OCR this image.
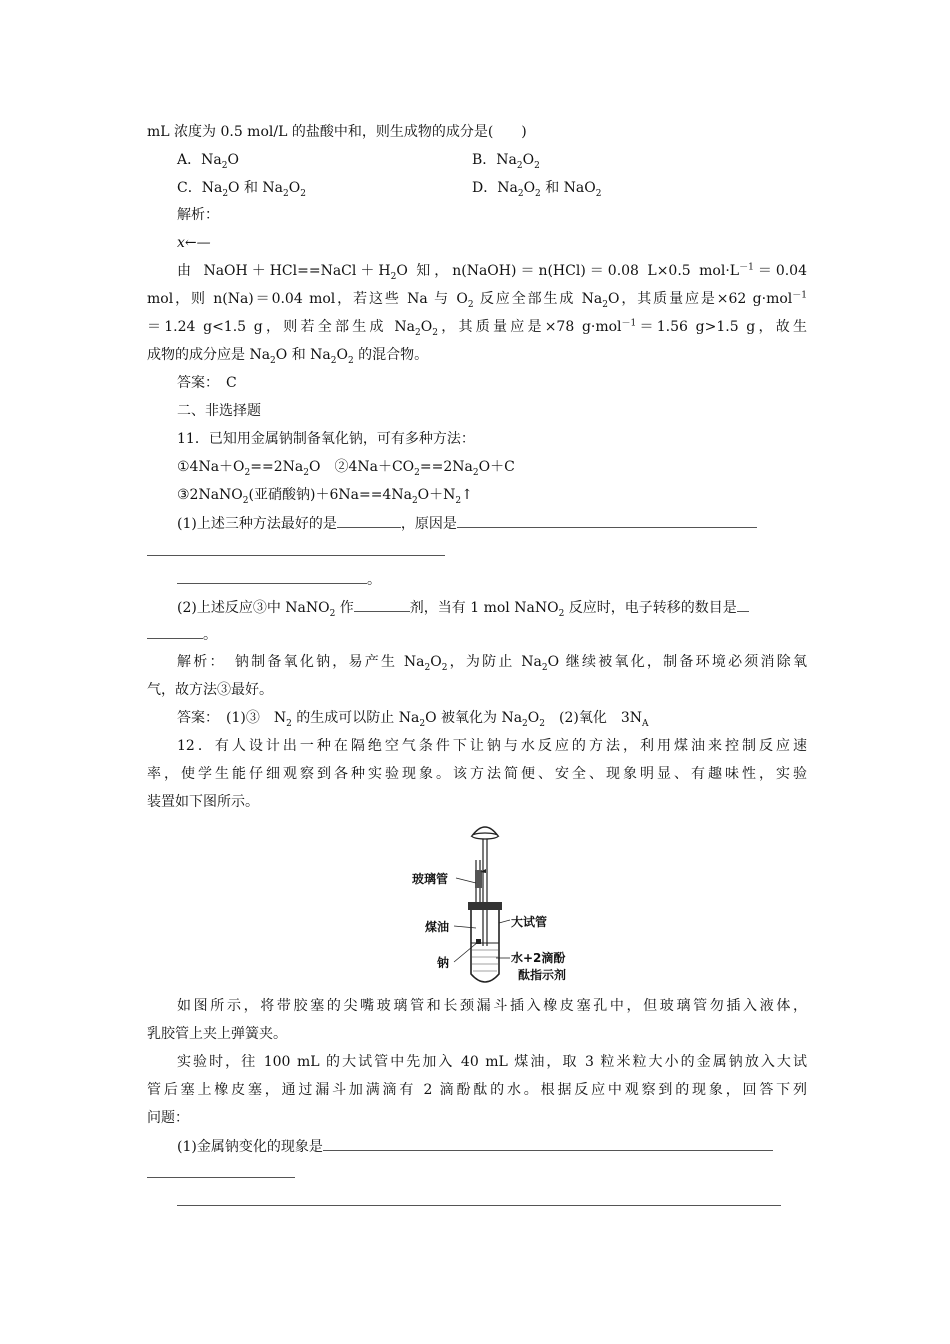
mL 浓度为 0.5 mol/L 的盐酸中和，则生成物的成分是(　　)
A．$Na_2O$	B．$Na_2O_2$
C．$Na_2O$ 和 $Na_2O_2$	D．$Na_2O_2$ 和 NaO$_2$
解析：
x←—
由 $NaOH+HCl==NaCl+H_2O$ 知，n(NaOH)＝n(HCl)＝0.08 L×0.5 $mol\cdot L^{-1}=0.04$
mol，则 n(Na)＝0.04 mol，若这些 Na 与 $O_2$ 反应全部生成 $Na_2O$，其质量应是×62 g·mol$^{-1}$
＝1.24 g<1.5 g，则若全部生成 $Na_2O_2$，其质量应是×78 g·mol$^{-1}$＝1.56 g>1.5 g，故生
成物的成分应是 $Na_2O$ 和 $Na_2O_2$ 的混合物。
答案：　C
二、非选择题
11．已知用金属钠制备氧化钠，可有多种方法：
$①4Na+O_2==2Na_2O$　$②4Na+CO_2==2Na_2O+C$
③2NaNO$_2$(亚硝酸钠)$+6Na==4Na_2O+N_2↑$
(1)上述三种方法最好的是	，原因是
。
(2)上述反应③中 NaNO$_2$ 作	剂，当有 1 mol NaNO$_2$ 反应时，电子转移的数目是
。
解析：　钠制备氧化钠，易产生 $Na_2O_2$，为防止 $Na_2O$ 继续被氧化，制备环境必须消除氧
气，故方法③最好。
答案：　(1)③　$N_2$ 的生成可以防止 $Na_2O$ 被氧化为 $Na_2O_2$　(2)氧化　$3N_A$
12．有人设计出一种在隔绝空气条件下让钠与水反应的方法，利用煤油来控制反应速
率，使学生能仔细观察到各种实验现象。该方法简便、安全、现象明显、有趣味性，实验
装置如下图所示。
玻璃管
煤油	大试管
钠	水+2滴酚
酞指示剂
如图所示，将带胶塞的尖嘴玻璃管和长颈漏斗插入橡皮塞孔中，但玻璃管勿插入液体，
乳胶管上夹上弹簧夹。
实验时，往 100 mL 的大试管中先加入 40 mL 煤油，取 3 粒米粒大小的金属钠放入大试
管后塞上橡皮塞，通过漏斗加满滴有 2 滴酚酞的水。根据反应中观察到的现象，回答下列
问题：
(1)金属钠变化的现象是
